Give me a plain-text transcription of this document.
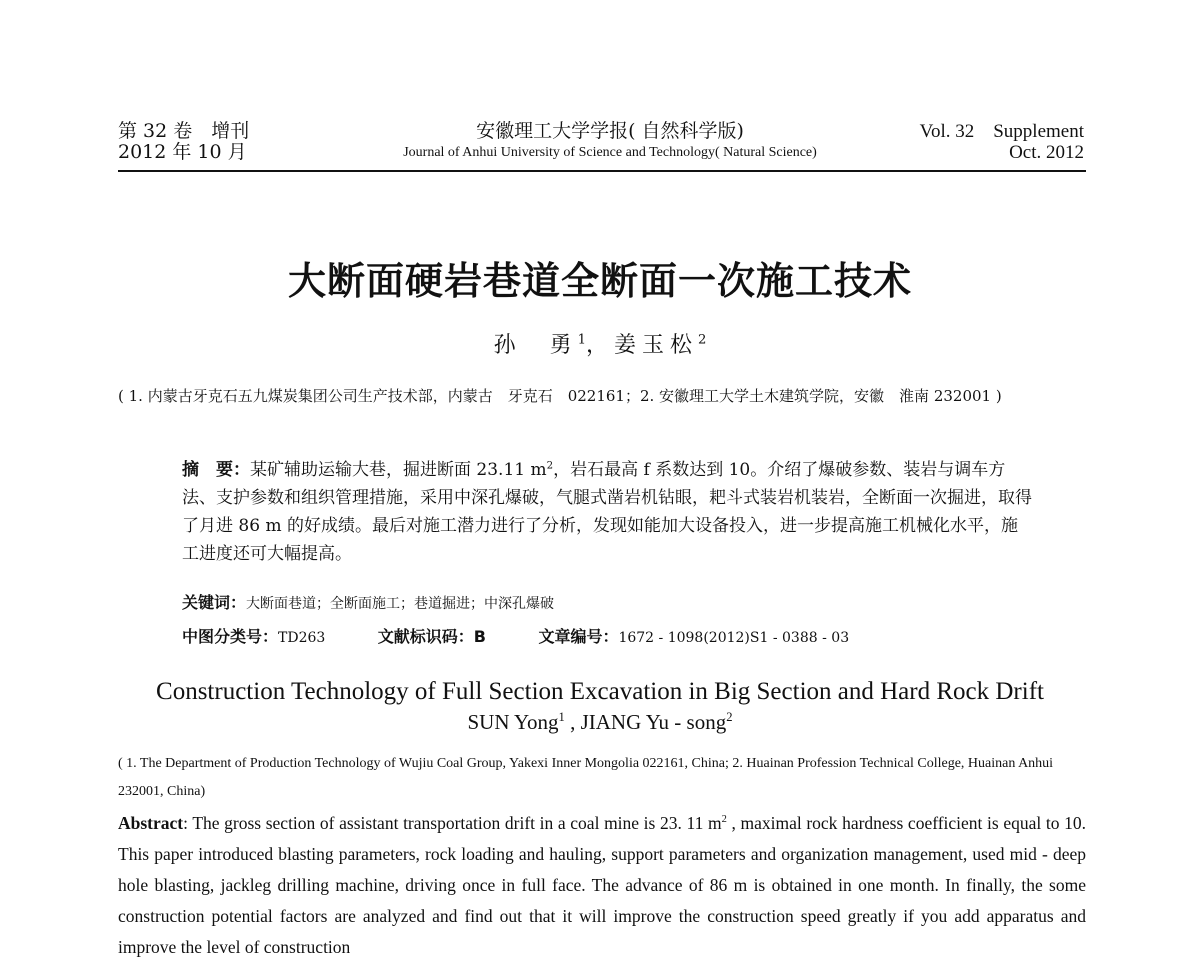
第 32 卷　增刊
2012 年 10 月
安徽理工大学学报( 自然科学版)
Journal of Anhui University of Science and Technology( Natural Science)
Vol. 32　Supplement
Oct. 2012
大断面硬岩巷道全断面一次施工技术
孙　勇$^1$，姜玉松$^2$
( 1. 内蒙古牙克石五九煤炭集团公司生产技术部，内蒙古　牙克石　022161；2. 安徽理工大学土木建筑学院，安徽　淮南 232001 )
摘　要：某矿辅助运输大巷，掘进断面 23.11 $m^2$，岩石最高 f 系数达到 10。介绍了爆破参数、装岩与调车方法、支护参数和组织管理措施，采用中深孔爆破，气腿式凿岩机钻眼，耙斗式装岩机装岩，全断面一次掘进，取得了月进 86 m 的好成绩。最后对施工潜力进行了分析，发现如能加大设备投入，进一步提高施工机械化水平，施工进度还可大幅提高。
关键词：大断面巷道；全断面施工；巷道掘进；中深孔爆破
中图分类号：TD263	文献标识码：B	文章编号：1672 - 1098(2012)S1 - 0388 - 03
Construction Technology of Full Section Excavation in Big Section and Hard Rock Drift
SUN Yong$^1$ , JIANG Yu - song$^2$
( 1. The Department of Production Technology of Wujiu Coal Group, Yakexi Inner Mongolia 022161, China; 2. Huainan Profession Technical College, Huainan Anhui 232001, China)
Abstract: The gross section of assistant transportation drift in a coal mine is 23. 11 $m^2$ , maximal rock hardness coefficient is equal to 10. This paper introduced blasting parameters, rock loading and hauling, support parameters and organization management, used mid - deep hole blasting, jackleg drilling machine, driving once in full face. The advance of 86 m is obtained in one month. In finally, the some construction potential factors are analyzed and find out that it will improve the construction speed greatly if you add apparatus and improve the level of construction
